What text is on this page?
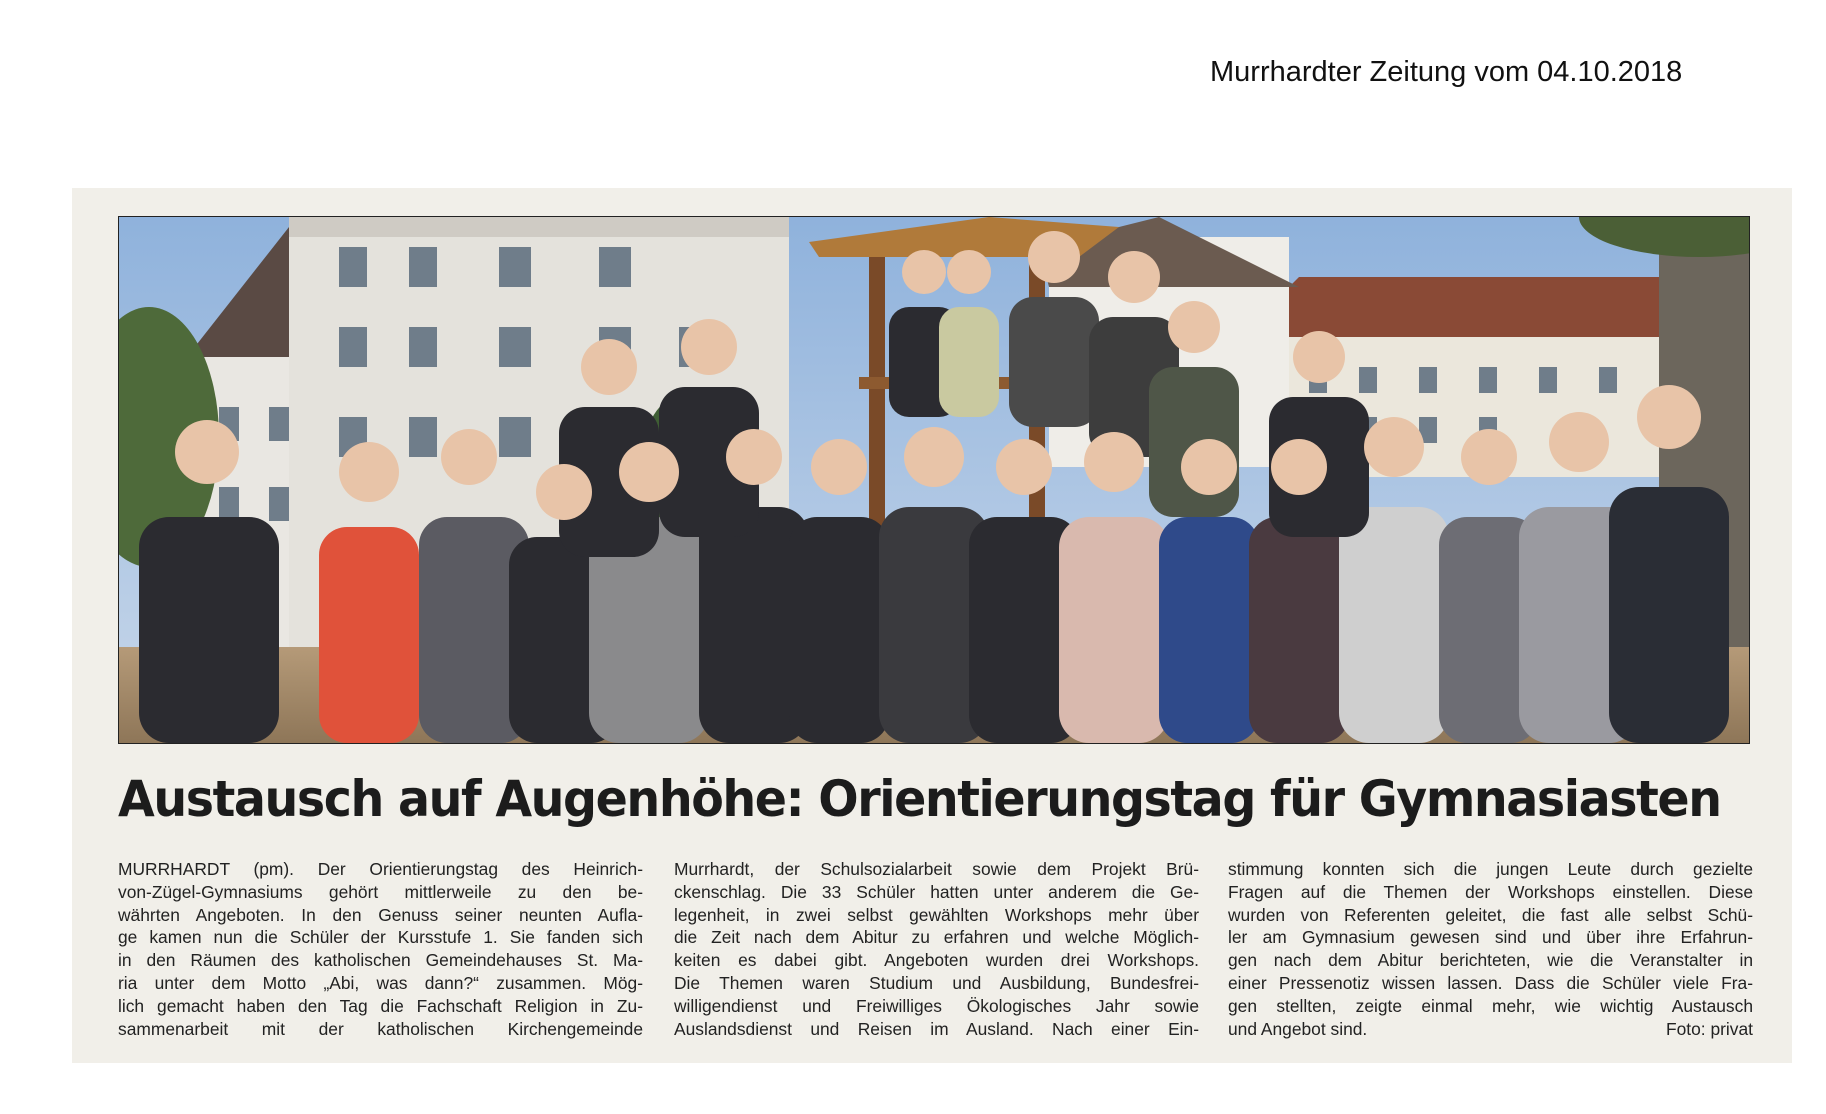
Murrhardter Zeitung vom 04.10.2018
Austausch auf Augenhöhe: Orientierungstag für Gymnasiasten
MURRHARDT (pm). Der Orientierungstag des Heinrich-
von-Zügel-Gymnasiums gehört mittlerweile zu den be-
währten Angeboten. In den Genuss seiner neunten Aufla-
ge kamen nun die Schüler der Kursstufe 1. Sie fanden sich
in den Räumen des katholischen Gemeindehauses St. Ma-
ria unter dem Motto „Abi, was dann?“ zusammen. Mög-
lich gemacht haben den Tag die Fachschaft Religion in Zu-
sammenarbeit mit der katholischen Kirchengemeinde
Murrhardt, der Schulsozialarbeit sowie dem Projekt Brü-
ckenschlag. Die 33 Schüler hatten unter anderem die Ge-
legenheit, in zwei selbst gewählten Workshops mehr über
die Zeit nach dem Abitur zu erfahren und welche Möglich-
keiten es dabei gibt. Angeboten wurden drei Workshops.
Die Themen waren Studium und Ausbildung, Bundesfrei-
willigendienst und Freiwilliges Ökologisches Jahr sowie
Auslandsdienst und Reisen im Ausland. Nach einer Ein-
stimmung konnten sich die jungen Leute durch gezielte
Fragen auf die Themen der Workshops einstellen. Diese
wurden von Referenten geleitet, die fast alle selbst Schü-
ler am Gymnasium gewesen sind und über ihre Erfahrun-
gen nach dem Abitur berichteten, wie die Veranstalter in
einer Pressenotiz wissen lassen. Dass die Schüler viele Fra-
gen stellten, zeigte einmal mehr, wie wichtig Austausch
und Angebot sind.	Foto: privat
